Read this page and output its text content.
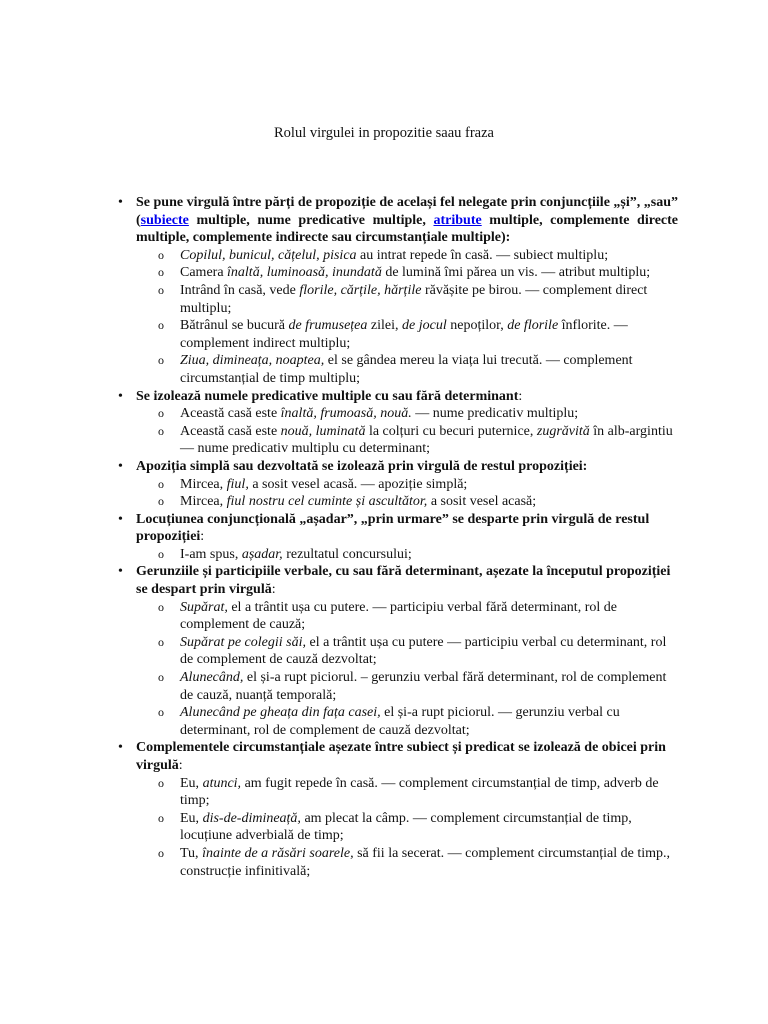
Rolul virgulei in propozitie saau fraza
• Se pune virgulă între părți de propoziție de același fel nelegate prin conjuncțiile „și”, „sau” (subiecte multiple, nume predicative multiple, atribute multiple, complemente directe multiple, complemente indirecte sau circumstanțiale multiple):
o Copilul, bunicul, cățelul, pisica au intrat repede în casă. — subiect multiplu;
o Camera înaltă, luminoasă, inundată de lumină îmi părea un vis. — atribut multiplu;
o Intrând în casă, vede florile, cărțile, hărțile răvășite pe birou. — complement direct multiplu;
o Bătrânul se bucură de frumusețea zilei, de jocul nepoților, de florile înflorite. — complement indirect multiplu;
o Ziua, dimineața, noaptea, el se gândea mereu la viața lui trecută. — complement circumstanțial de timp multiplu;
• Se izolează numele predicative multiple cu sau fără determinant:
o Această casă este înaltă, frumoasă, nouă. — nume predicativ multiplu;
o Această casă este nouă, luminată la colțuri cu becuri puternice, zugrăvită în alb-argintiu — nume predicativ multiplu cu determinant;
• Apoziția simplă sau dezvoltată se izolează prin virgulă de restul propoziției:
o Mircea, fiul, a sosit vesel acasă. — apoziție simplă;
o Mircea, fiul nostru cel cuminte și ascultător, a sosit vesel acasă;
• Locuțiunea conjuncțională „așadar”, „prin urmare” se desparte prin virgulă de restul propoziției:
o I-am spus, așadar, rezultatul concursului;
• Gerunziile și participiile verbale, cu sau fără determinant, așezate la începutul propoziției se despart prin virgulă:
o Supărat, el a trântit ușa cu putere. — participiu verbal fără determinant, rol de complement de cauză;
o Supărat pe colegii săi, el a trântit ușa cu putere — participiu verbal cu determinant, rol de complement de cauză dezvoltat;
o Alunecând, el și-a rupt piciorul. – gerunziu verbal fără determinant, rol de complement de cauză, nuanță temporală;
o Alunecând pe gheața din fața casei, el și-a rupt piciorul. — gerunziu verbal cu determinant, rol de complement de cauză dezvoltat;
• Complementele circumstanțiale așezate între subiect și predicat se izolează de obicei prin virgulă:
o Eu, atunci, am fugit repede în casă. — complement circumstanțial de timp, adverb de timp;
o Eu, dis-de-dimineață, am plecat la câmp. — complement circumstanțial de timp, locuțiune adverbială de timp;
o Tu, înainte de a răsări soarele, să fii la secerat. — complement circumstanțial de timp., construcție infinitivală;
